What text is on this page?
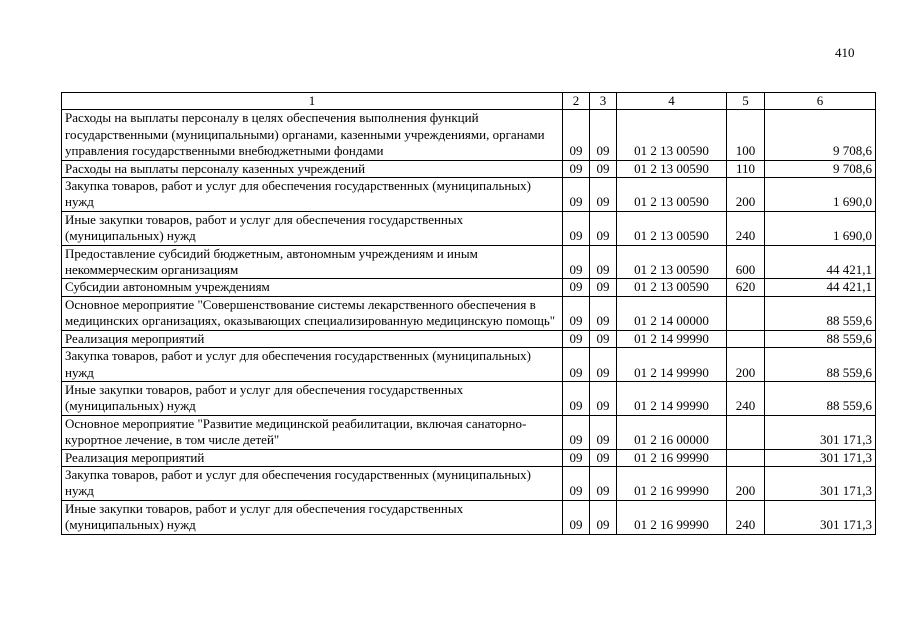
410
1	2	3	4	5	6
Расходы на выплаты персоналу в целях обеспечения выполнения функций государственными (муниципальными) органами, казенными учреждениями, органами управления государственными внебюджетными фондами	09	09	01 2 13 00590	100	9 708,6
Расходы на выплаты персоналу казенных учреждений	09	09	01 2 13 00590	110	9 708,6
Закупка товаров, работ и услуг для обеспечения государственных (муниципальных) нужд	09	09	01 2 13 00590	200	1 690,0
Иные закупки товаров, работ и услуг для обеспечения государственных (муниципальных) нужд	09	09	01 2 13 00590	240	1 690,0
Предоставление субсидий бюджетным, автономным учреждениям и иным некоммерческим организациям	09	09	01 2 13 00590	600	44 421,1
Субсидии автономным учреждениям	09	09	01 2 13 00590	620	44 421,1
Основное мероприятие "Совершенствование системы лекарственного обеспечения в медицинских организациях, оказывающих специализированную медицинскую помощь"	09	09	01 2 14 00000		88 559,6
Реализация мероприятий	09	09	01 2 14 99990		88 559,6
Закупка товаров, работ и услуг для обеспечения государственных (муниципальных) нужд	09	09	01 2 14 99990	200	88 559,6
Иные закупки товаров, работ и услуг для обеспечения государственных (муниципальных) нужд	09	09	01 2 14 99990	240	88 559,6
Основное мероприятие "Развитие медицинской реабилитации, включая санаторно-курортное лечение, в том числе детей"	09	09	01 2 16 00000		301 171,3
Реализация мероприятий	09	09	01 2 16 99990		301 171,3
Закупка товаров, работ и услуг для обеспечения государственных (муниципальных) нужд	09	09	01 2 16 99990	200	301 171,3
Иные закупки товаров, работ и услуг для обеспечения государственных (муниципальных) нужд	09	09	01 2 16 99990	240	301 171,3
